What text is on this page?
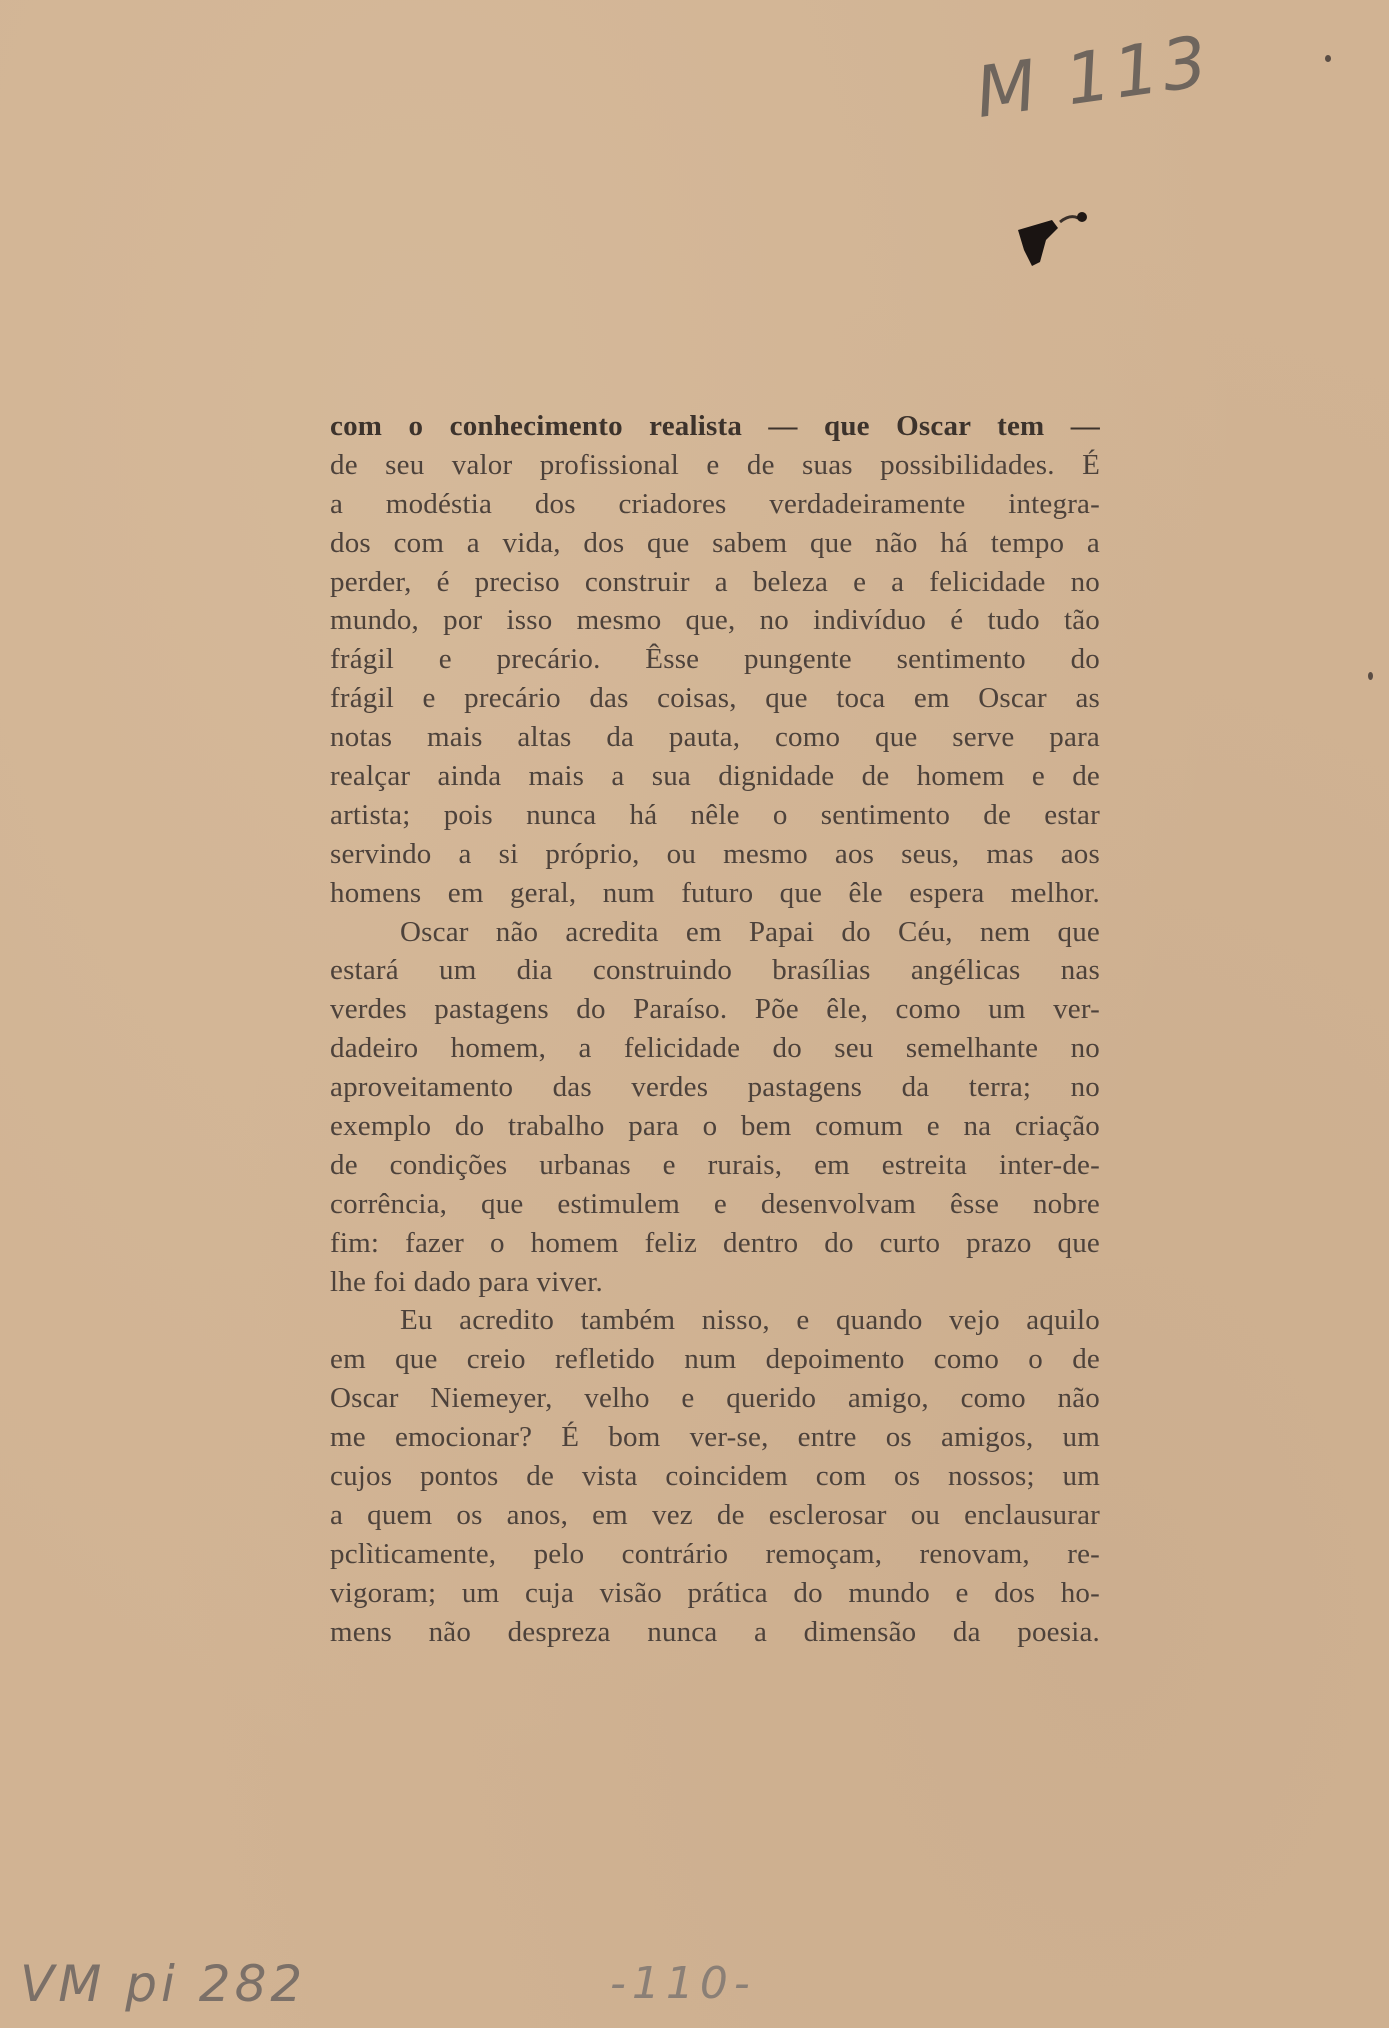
M 113
com o conhecimento realista — que Oscar tem —
de seu valor profissional e de suas possibilidades. É
a modéstia dos criadores verdadeiramente integra-
dos com a vida, dos que sabem que não há tempo a
perder, é preciso construir a beleza e a felicidade no
mundo, por isso mesmo que, no indivíduo é tudo tão
frágil e precário. Êsse pungente sentimento do
frágil e precário das coisas, que toca em Oscar as
notas mais altas da pauta, como que serve para
realçar ainda mais a sua dignidade de homem e de
artista; pois nunca há nêle o sentimento de estar
servindo a si próprio, ou mesmo aos seus, mas aos
homens em geral, num futuro que êle espera melhor.
Oscar não acredita em Papai do Céu, nem que
estará um dia construindo brasílias angélicas nas
verdes pastagens do Paraíso. Põe êle, como um ver-
dadeiro homem, a felicidade do seu semelhante no
aproveitamento das verdes pastagens da terra; no
exemplo do trabalho para o bem comum e na criação
de condições urbanas e rurais, em estreita inter-de-
corrência, que estimulem e desenvolvam êsse nobre
fim: fazer o homem feliz dentro do curto prazo que
lhe foi dado para viver.
Eu acredito também nisso, e quando vejo aquilo
em que creio refletido num depoimento como o de
Oscar Niemeyer, velho e querido amigo, como não
me emocionar? É bom ver-se, entre os amigos, um
cujos pontos de vista coincidem com os nossos; um
a quem os anos, em vez de esclerosar ou enclausurar
pclìticamente, pelo contrário remoçam, renovam, re-
vigoram; um cuja visão prática do mundo e dos ho-
mens não despreza nunca a dimensão da poesia.
VM pi 282	-110-
